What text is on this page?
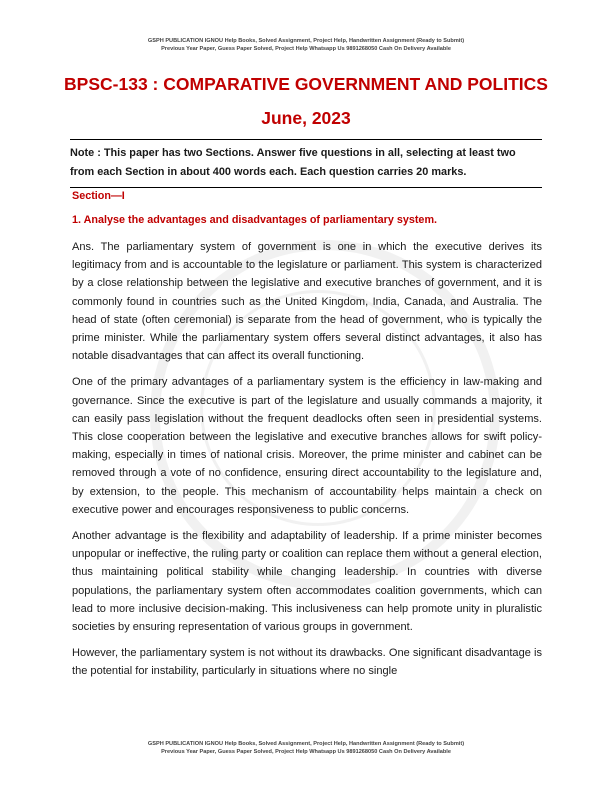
GSPH PUBLICATION IGNOU Help Books, Solved Assignment, Project Help, Handwritten Assignment (Ready to Submit)
Previous Year Paper, Guess Paper Solved, Project Help Whatsapp Us 9891268050 Cash On Delivery Available
BPSC-133 : COMPARATIVE GOVERNMENT AND POLITICS
June, 2023
Note : This paper has two Sections. Answer five questions in all, selecting at least two from each Section in about 400 words each. Each question carries 20 marks.
Section—I
1. Analyse the advantages and disadvantages of parliamentary system.

Ans. The parliamentary system of government is one in which the executive derives its legitimacy from and is accountable to the legislature or parliament. This system is characterized by a close relationship between the legislative and executive branches of government, and it is commonly found in countries such as the United Kingdom, India, Canada, and Australia. The head of state (often ceremonial) is separate from the head of government, who is typically the prime minister. While the parliamentary system offers several distinct advantages, it also has notable disadvantages that can affect its overall functioning.

One of the primary advantages of a parliamentary system is the efficiency in law-making and governance. Since the executive is part of the legislature and usually commands a majority, it can easily pass legislation without the frequent deadlocks often seen in presidential systems. This close cooperation between the legislative and executive branches allows for swift policy-making, especially in times of national crisis. Moreover, the prime minister and cabinet can be removed through a vote of no confidence, ensuring direct accountability to the legislature and, by extension, to the people. This mechanism of accountability helps maintain a check on executive power and encourages responsiveness to public concerns.

Another advantage is the flexibility and adaptability of leadership. If a prime minister becomes unpopular or ineffective, the ruling party or coalition can replace them without a general election, thus maintaining political stability while changing leadership. In countries with diverse populations, the parliamentary system often accommodates coalition governments, which can lead to more inclusive decision-making. This inclusiveness can help promote unity in pluralistic societies by ensuring representation of various groups in government.

However, the parliamentary system is not without its drawbacks. One significant disadvantage is the potential for instability, particularly in situations where no single

GSPH PUBLICATION IGNOU Help Books, Solved Assignment, Project Help, Handwritten Assignment (Ready to Submit)
Previous Year Paper, Guess Paper Solved, Project Help Whatsapp Us 9891268050 Cash On Delivery Available
